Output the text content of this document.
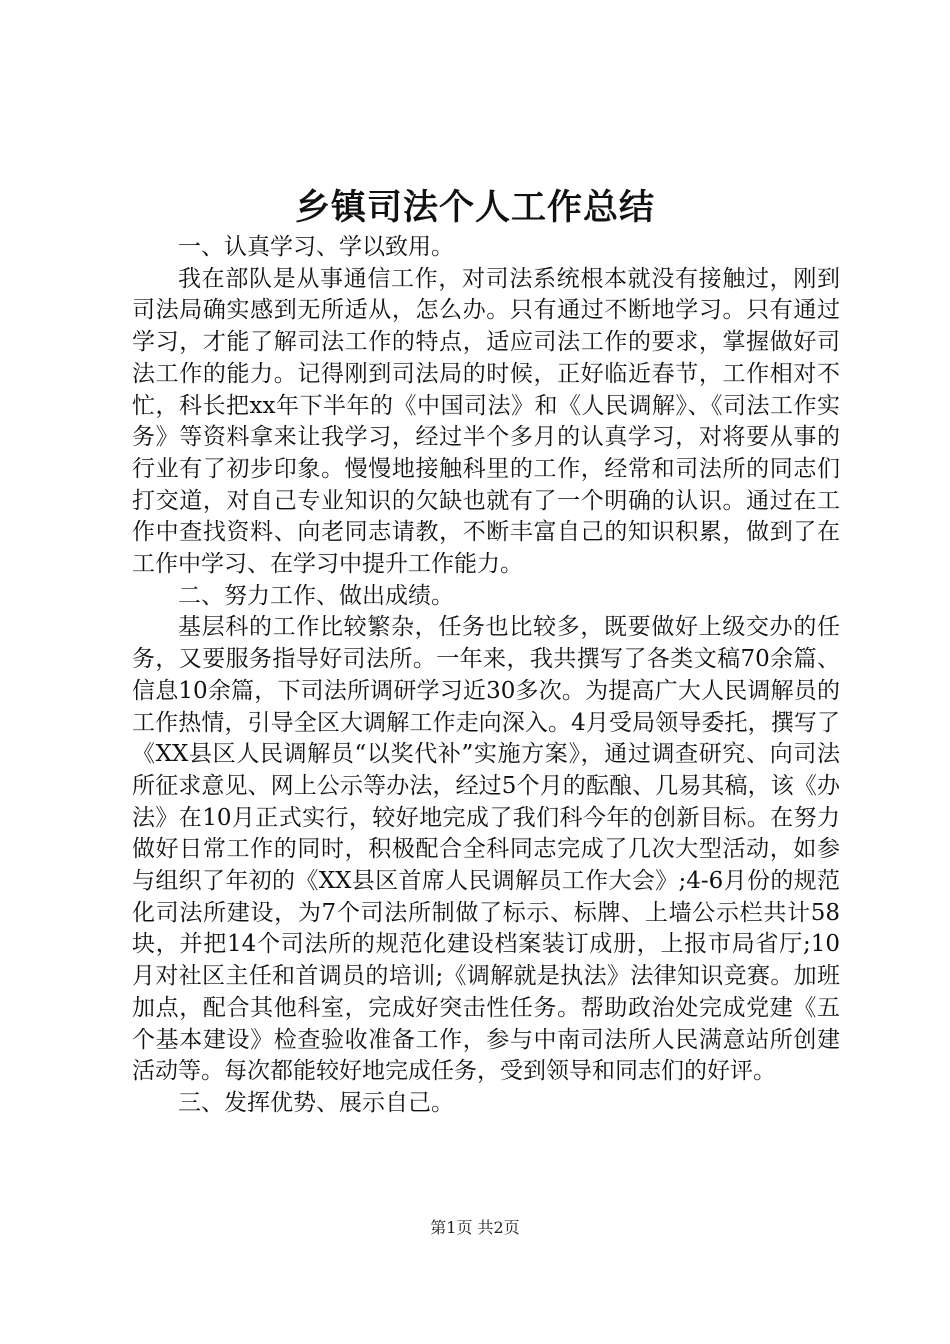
乡镇司法个人工作总结

一、认真学习、学以致用。

我在部队是从事通信工作，对司法系统根本就没有接触过，刚到司法局确实感到无所适从，怎么办。只有通过不断地学习。只有通过学习，才能了解司法工作的特点，适应司法工作的要求，掌握做好司法工作的能力。记得刚到司法局的时候，正好临近春节，工作相对不忙，科长把xx年下半年的《中国司法》和《人民调解》、《司法工作实务》等资料拿来让我学习，经过半个多月的认真学习，对将要从事的行业有了初步印象。慢慢地接触科里的工作，经常和司法所的同志们打交道，对自己专业知识的欠缺也就有了一个明确的认识。通过在工作中查找资料、向老同志请教，不断丰富自己的知识积累，做到了在工作中学习、在学习中提升工作能力。

二、努力工作、做出成绩。

基层科的工作比较繁杂，任务也比较多，既要做好上级交办的任务，又要服务指导好司法所。一年来，我共撰写了各类文稿70余篇、信息10余篇，下司法所调研学习近30多次。为提高广大人民调解员的工作热情，引导全区大调解工作走向深入。4月受局领导委托，撰写了《XX县区人民调解员“以奖代补”实施方案》，通过调查研究、向司法所征求意见、网上公示等办法，经过5个月的酝酿、几易其稿，该《办法》在10月正式实行，较好地完成了我们科今年的创新目标。在努力做好日常工作的同时，积极配合全科同志完成了几次大型活动，如参与组织了年初的《XX县区首席人民调解员工作大会》;4-6月份的规范化司法所建设，为7个司法所制做了标示、标牌、上墙公示栏共计58块，并把14个司法所的规范化建设档案装订成册，上报市局省厅;10月对社区主任和首调员的培训;《调解就是执法》法律知识竞赛。加班加点，配合其他科室，完成好突击性任务。帮助政治处完成党建《五个基本建设》检查验收准备工作，参与中南司法所人民满意站所创建活动等。每次都能较好地完成任务，受到领导和同志们的好评。

三、发挥优势、展示自己。

第1页 共2页
